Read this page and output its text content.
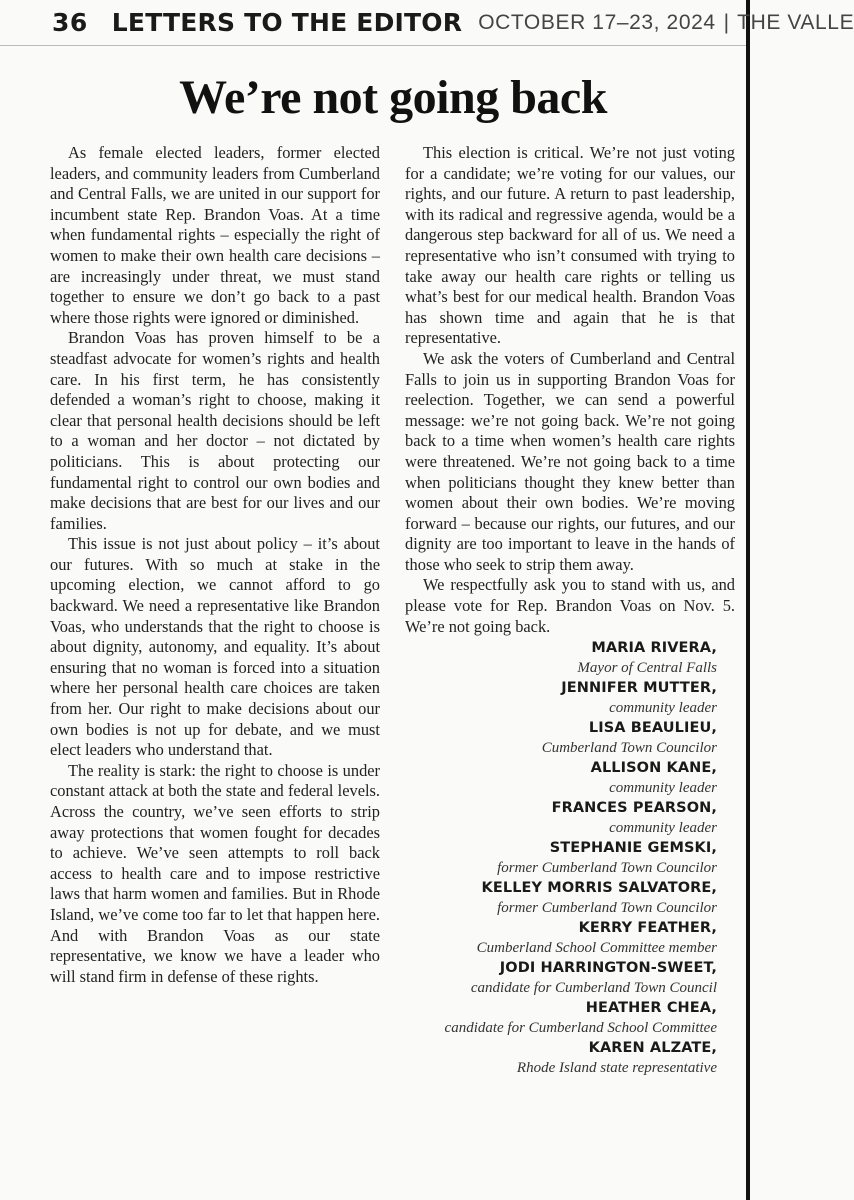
36 LETTERS TO THE EDITOR OCTOBER 17–23, 2024 | THE VALLE
We’re not going back

As female elected leaders, former elected leaders, and community leaders from Cumberland and Central Falls, we are united in our support for incumbent state Rep. Brandon Voas. At a time when fundamental rights – especially the right of women to make their own health care decisions – are increasingly under threat, we must stand together to ensure we don’t go back to a past where those rights were ignored or diminished.

Brandon Voas has proven himself to be a steadfast advocate for women’s rights and health care. In his first term, he has consistently defended a woman’s right to choose, making it clear that personal health decisions should be left to a woman and her doctor – not dictated by politicians. This is about protecting our fundamental right to control our own bodies and make decisions that are best for our lives and our families.

This issue is not just about policy – it’s about our futures. With so much at stake in the upcoming election, we cannot afford to go backward. We need a representative like Brandon Voas, who understands that the right to choose is about dignity, autonomy, and equality. It’s about ensuring that no woman is forced into a situation where her personal health care choices are taken from her. Our right to make decisions about our own bodies is not up for debate, and we must elect leaders who understand that.

The reality is stark: the right to choose is under constant attack at both the state and federal levels. Across the country, we’ve seen efforts to strip away protections that women fought for decades to achieve. We’ve seen attempts to roll back access to health care and to impose restrictive laws that harm women and families. But in Rhode Island, we’ve come too far to let that happen here. And with Brandon Voas as our state representative, we know we have a leader who will stand firm in defense of these rights.

This election is critical. We’re not just voting for a candidate; we’re voting for our values, our rights, and our future. A return to past leadership, with its radical and regressive agenda, would be a dangerous step backward for all of us. We need a representative who isn’t consumed with trying to take away our health care rights or telling us what’s best for our medical health. Brandon Voas has shown time and again that he is that representative.

We ask the voters of Cumberland and Central Falls to join us in supporting Brandon Voas for reelection. Together, we can send a powerful message: we’re not going back. We’re not going back to a time when women’s health care rights were threatened. We’re not going back to a time when politicians thought they knew better than women about their own bodies. We’re moving forward – because our rights, our futures, and our dignity are too important to leave in the hands of those who seek to strip them away.

We respectfully ask you to stand with us, and please vote for Rep. Brandon Voas on Nov. 5. We’re not going back.

MARIA RIVERA,
Mayor of Central Falls
JENNIFER MUTTER,
community leader
LISA BEAULIEU,
Cumberland Town Councilor
ALLISON KANE,
community leader
FRANCES PEARSON,
community leader
STEPHANIE GEMSKI,
former Cumberland Town Councilor
KELLEY MORRIS SALVATORE,
former Cumberland Town Councilor
KERRY FEATHER,
Cumberland School Committee member
JODI HARRINGTON-SWEET,
candidate for Cumberland Town Council
HEATHER CHEA,
candidate for Cumberland School Committee
KAREN ALZATE,
Rhode Island state representative
